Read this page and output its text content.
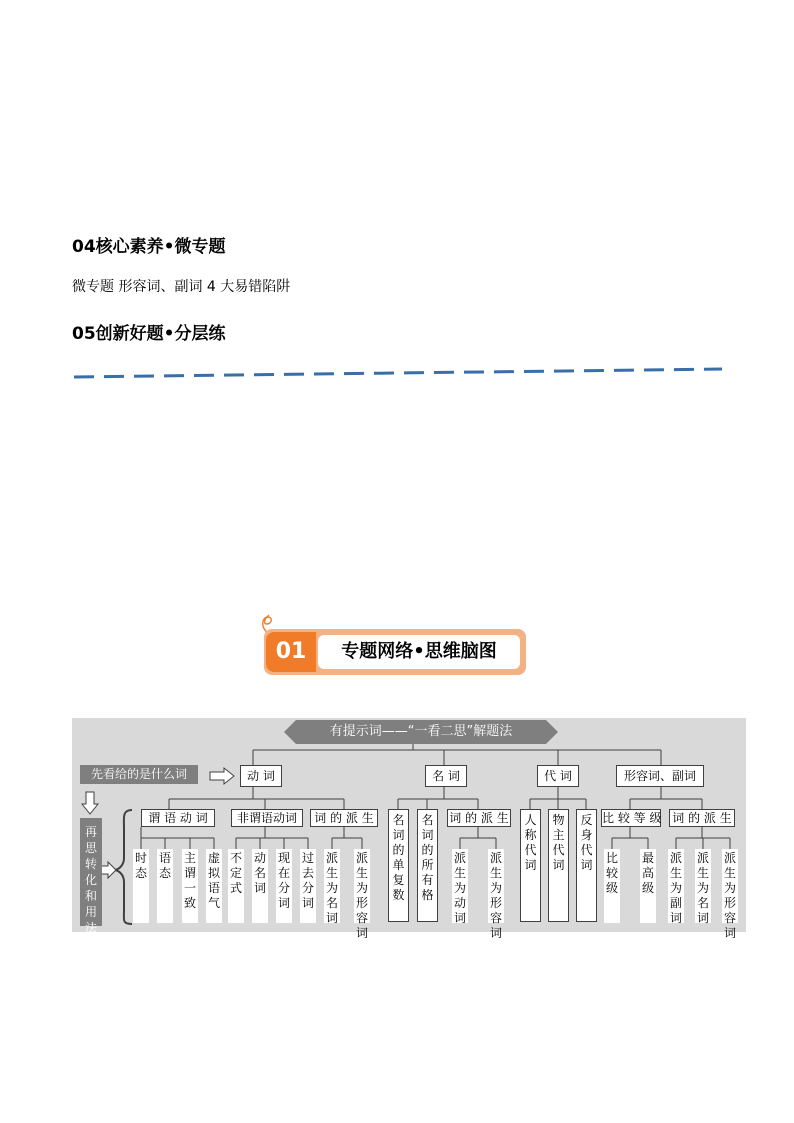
04核心素养•微专题
微专题 形容词、副词 4 大易错陷阱
05创新好题•分层练
01	专题网络•思维脑图
有提示词——“一看二思”解题法
先看给的是什么词
再思转化和用法
动 词	名 词	代 词	形容词、副词
谓 语 动 词	非谓语动词	词 的 派 生
时态
语态
主谓一致
虚拟语气
不定式
动名词
现在分词
过去分词
派生为名词
派生为形容词
名词的单复数
名词的所有格
词 的 派 生
派生为动词
派生为形容词
人称代词
物主代词
反身代词
比 较 等 级 词 的 派 生
比较级
最高级
派生为副词
派生为名词
派生为形容词
